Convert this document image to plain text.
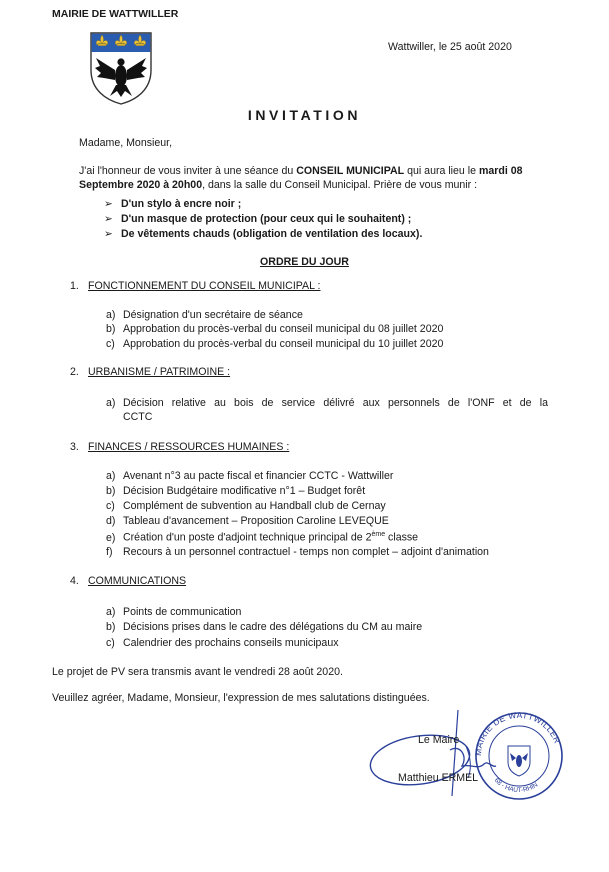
MAIRIE DE WATTWILLER
Wattwiller, le 25 août 2020
INVITATION
Madame, Monsieur,
J'ai l'honneur de vous inviter à une séance du CONSEIL MUNICIPAL qui aura lieu le mardi 08 Septembre 2020 à 20h00, dans la salle du Conseil Municipal. Prière de vous munir :
➢ D'un stylo à encre noir ;
➢ D'un masque de protection (pour ceux qui le souhaitent) ;
➢ De vêtements chauds (obligation de ventilation des locaux).
ORDRE DU JOUR
1. FONCTIONNEMENT DU CONSEIL MUNICIPAL :
a) Désignation d'un secrétaire de séance
b) Approbation du procès-verbal du conseil municipal du 08 juillet 2020
c) Approbation du procès-verbal du conseil municipal du 10 juillet 2020
2. URBANISME / PATRIMOINE :
a) Décision relative au bois de service délivré aux personnels de l'ONF et de la
CCTC
3. FINANCES / RESSOURCES HUMAINES :
a) Avenant n°3 au pacte fiscal et financier CCTC - Wattwiller
b) Décision Budgétaire modificative n°1 – Budget forêt
c) Complément de subvention au Handball club de Cernay
d) Tableau d'avancement – Proposition Caroline LEVEQUE
e) Création d'un poste d'adjoint technique principal de 2ème classe
f) Recours à un personnel contractuel - temps non complet – adjoint d'animation
4. COMMUNICATIONS
a) Points de communication
b) Décisions prises dans le cadre des délégations du CM au maire
c) Calendrier des prochains conseils municipaux
Le projet de PV sera transmis avant le vendredi 28 août 2020.
Veuillez agréer, Madame, Monsieur, l'expression de mes salutations distinguées.
MAIRIE DE WATTWILLER
68 - HAUT-RHIN
Le Maire
Matthieu ERMEL
